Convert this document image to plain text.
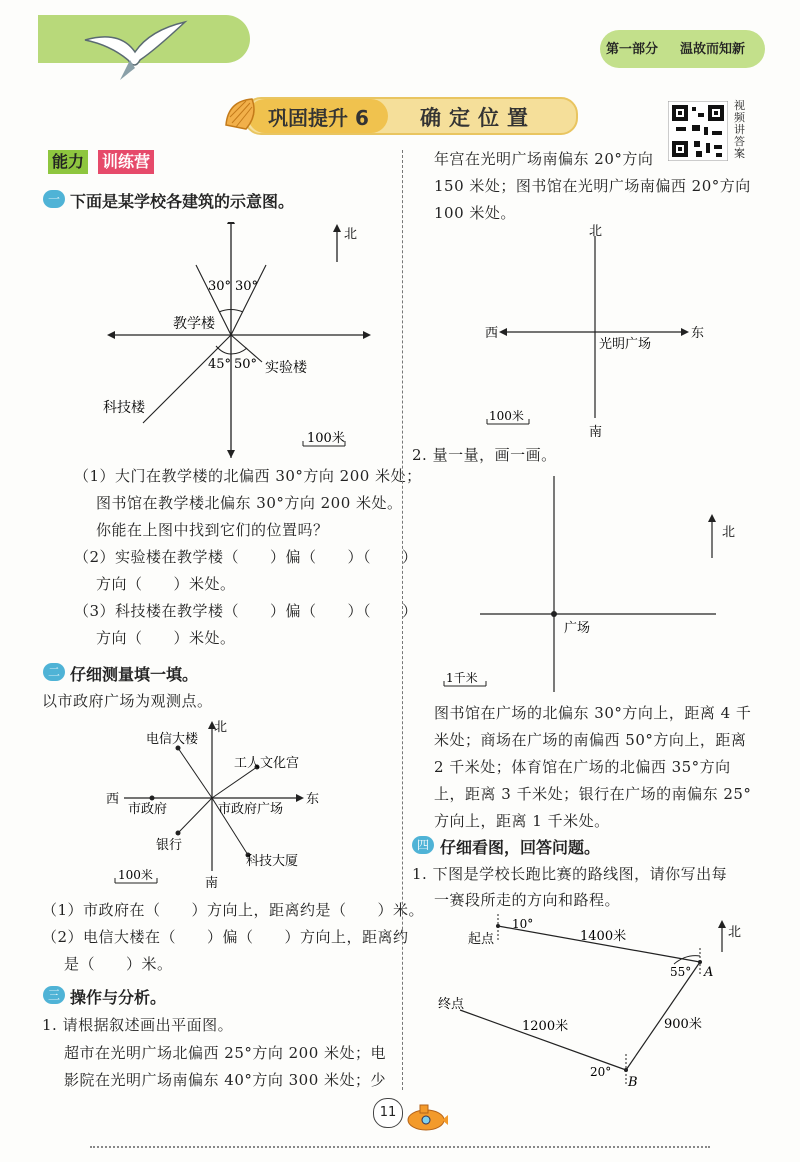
第一部分 温故而知新
巩固提升 6 确定位置
视频讲答案
能力 训练营
一 下面是某学校各建筑的示意图。
30° 30°
教学楼
45° 50° 实验楼
科技楼
100米
北
（1）大门在教学楼的北偏西 30°方向 200 米处；
图书馆在教学楼北偏东 30°方向 200 米处。
你能在上图中找到它们的位置吗？
（2）实验楼在教学楼（　　）偏（　　）（　　）
方向（　　）米处。
（3）科技楼在教学楼（　　）偏（　　）（　　）
方向（　　）米处。
二 仔细测量填一填。
以市政府广场为观测点。
北
南
西	东
电信大楼
工人文化宫
市政府	市政府广场
银行
科技大厦
100米
（1）市政府在（　　）方向上，距离约是（　　）米。
（2）电信大楼在（　　）偏（　　）方向上，距离约
是（　　）米。
三 操作与分析。
1. 请根据叙述画出平面图。
超市在光明广场北偏西 25°方向 200 米处；电
影院在光明广场南偏东 40°方向 300 米处；少
年宫在光明广场南偏东 20°方向
150 米处；图书馆在光明广场南偏西 20°方向
100 米处。
北
南
西	东
光明广场
100米
2. 量一量，画一画。
广场
北
1千米
图书馆在广场的北偏东 30°方向上，距离 4 千
米处；商场在广场的南偏西 50°方向上，距离
2 千米处；体育馆在广场的北偏西 35°方向
上，距离 3 千米处；银行在广场的南偏东 25°
方向上，距离 1 千米处。
四 仔细看图，回答问题。
1. 下图是学校长跑比赛的路线图，请你写出每
一赛段所走的方向和路程。
起点
10°
1400米
55° A
终点
1200米	900米
20°
B
北
11
